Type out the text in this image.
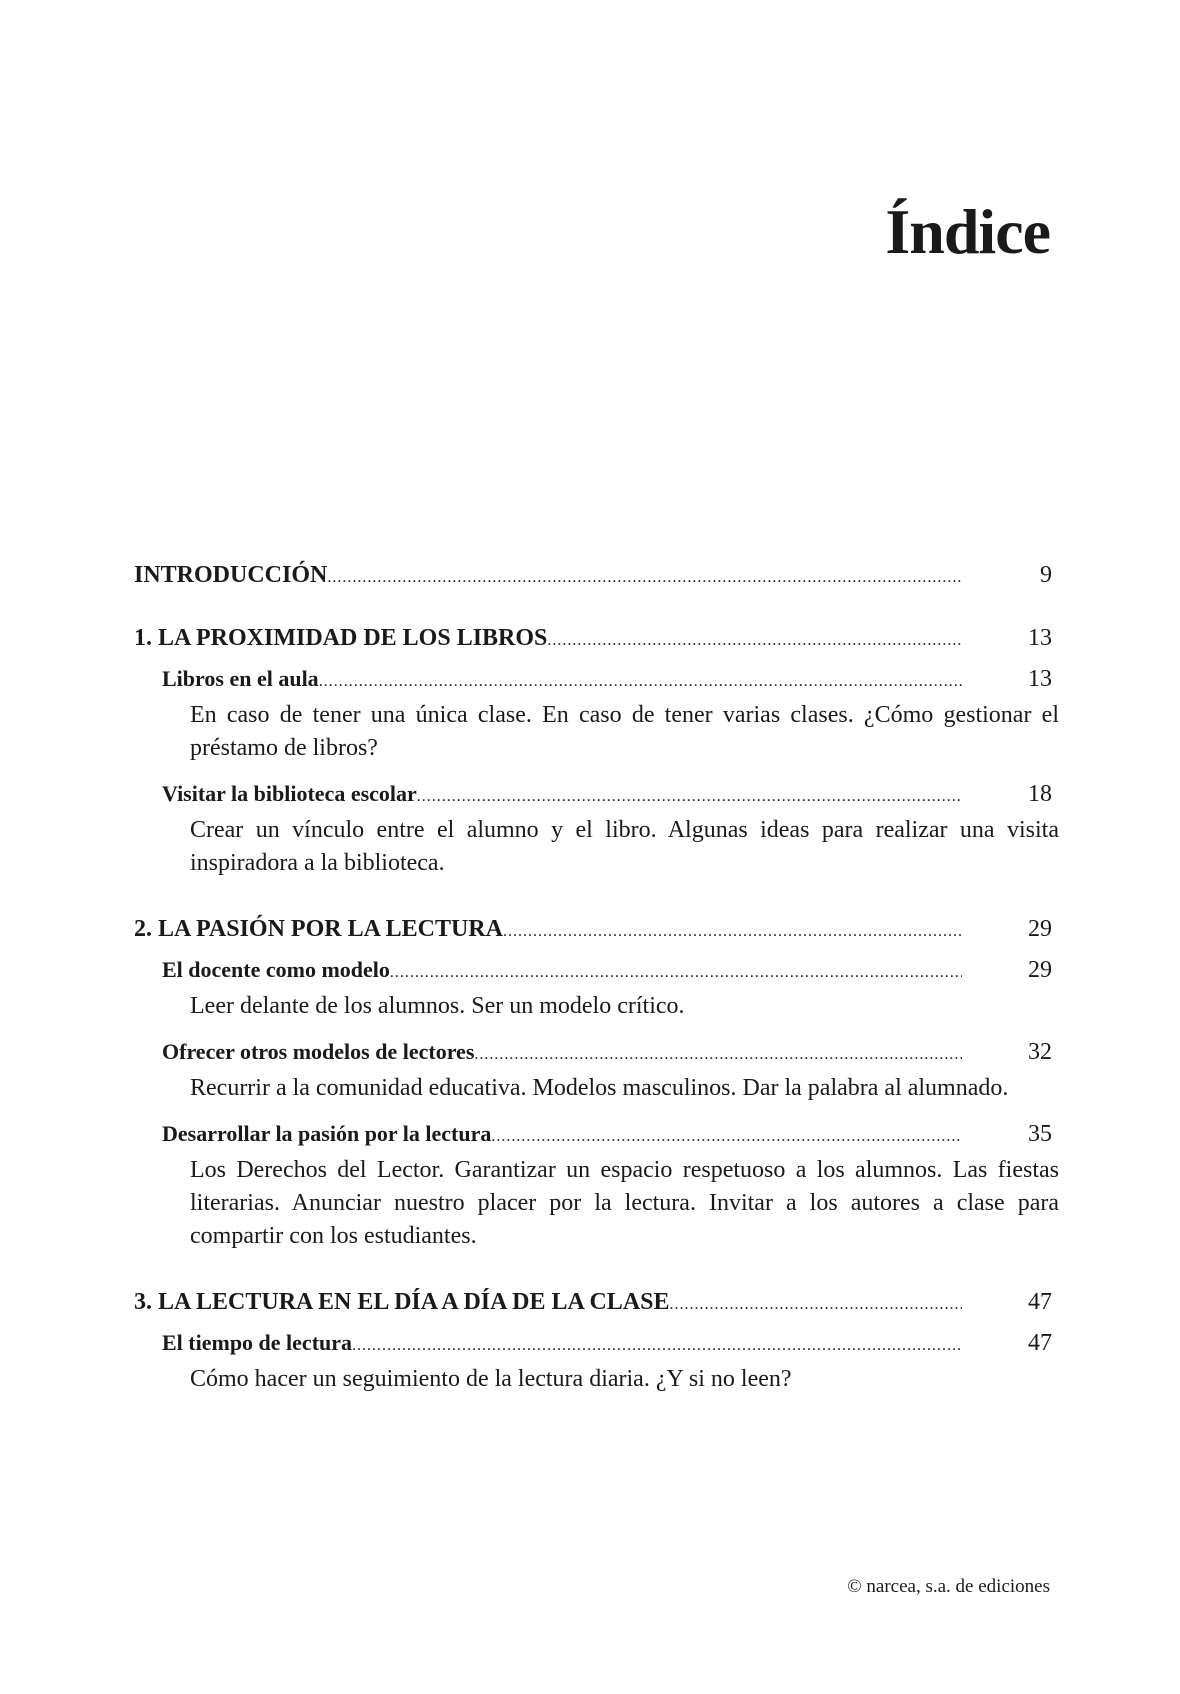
Índice
INTRODUCCIÓN .....	9
1. LA PROXIMIDAD DE LOS LIBROS .....	13
Libros en el aula .....	13
En caso de tener una única clase. En caso de tener varias clases. ¿Cómo gestionar el préstamo de libros?
Visitar la biblioteca escolar .....	18
Crear un vínculo entre el alumno y el libro. Algunas ideas para realizar una visita inspiradora a la biblioteca.
2. LA PASIÓN POR LA LECTURA .....	29
El docente como modelo .....	29
Leer delante de los alumnos. Ser un modelo crítico.
Ofrecer otros modelos de lectores .....	32
Recurrir a la comunidad educativa. Modelos masculinos. Dar la palabra al alumnado.
Desarrollar la pasión por la lectura .....	35
Los Derechos del Lector. Garantizar un espacio respetuoso a los alumnos. Las fiestas literarias. Anunciar nuestro placer por la lectura. Invitar a los autores a clase para compartir con los estudiantes.
3. LA LECTURA EN EL DÍA A DÍA DE LA CLASE .....	47
El tiempo de lectura .....	47
Cómo hacer un seguimiento de la lectura diaria. ¿Y si no leen?
© narcea, s.a. de ediciones
